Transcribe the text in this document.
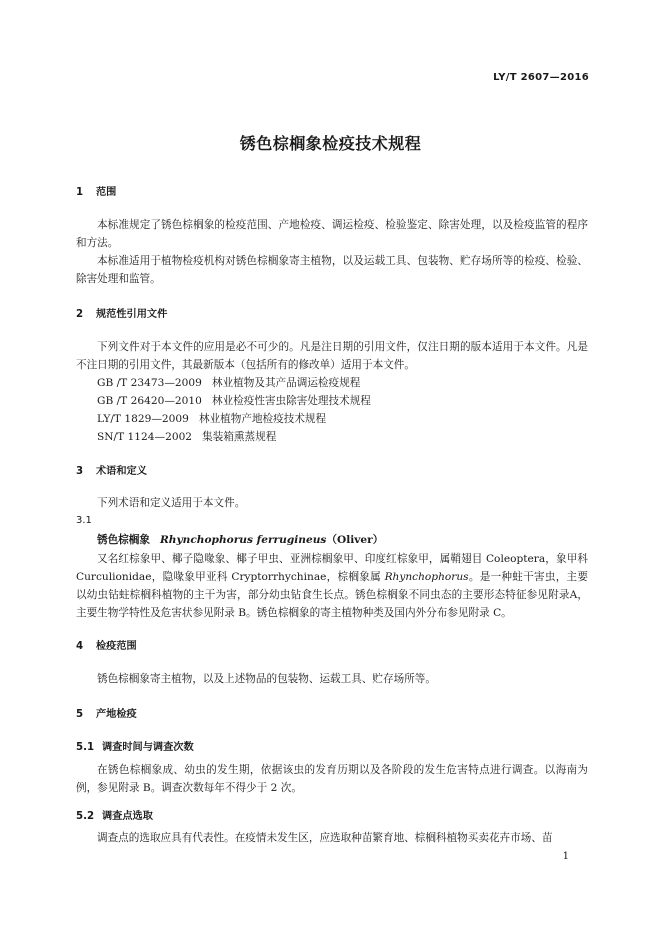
LY/T 2607—2016
锈色棕榈象检疫技术规程
1 范围

本标准规定了锈色棕榈象的检疫范围、产地检疫、调运检疫、检验鉴定、除害处理，以及检疫监管的程序和方法。

本标准适用于植物检疫机构对锈色棕榈象寄主植物，以及运载工具、包装物、贮存场所等的检疫、检验、除害处理和监管。

2 规范性引用文件

下列文件对于本文件的应用是必不可少的。凡是注日期的引用文件，仅注日期的版本适用于本文件。凡是不注日期的引用文件，其最新版本（包括所有的修改单）适用于本文件。

GB /T 23473—2009   林业植物及其产品调运检疫规程
GB /T 26420—2010   林业检疫性害虫除害处理技术规程
LY/T 1829—2009   林业植物产地检疫技术规程
SN/T 1124—2002   集装箱熏蒸规程
3 术语和定义

下列术语和定义适用于本文件。

3.1
锈色棕榈象 Rhynchophorus ferrugineus（Oliver）

又名红棕象甲、椰子隐喙象、椰子甲虫、亚洲棕榈象甲、印度红棕象甲，属鞘翅目 Coleoptera，象甲科 Curculionidae，隐喙象甲亚科 Cryptorrhychinae，棕榈象属 Rhynchophorus。是一种蛀干害虫，主要以幼虫钻蛀棕榈科植物的主干为害，部分幼虫钻食生长点。锈色棕榈象不同虫态的主要形态特征参见附录A，主要生物学特性及危害状参见附录 B。锈色棕榈象的寄主植物种类及国内外分布参见附录 C。

4 检疫范围

锈色棕榈象寄主植物，以及上述物品的包装物、运载工具、贮存场所等。

5 产地检疫
5.1 调查时间与调查次数

在锈色棕榈象成、幼虫的发生期，依据该虫的发育历期以及各阶段的发生危害特点进行调查。以海南为例，参见附录 B。调查次数每年不得少于 2 次。

5.2 调查点选取

调查点的选取应具有代表性。在疫情未发生区，应选取种苗繁育地、棕榈科植物买卖花卉市场、苗

1
